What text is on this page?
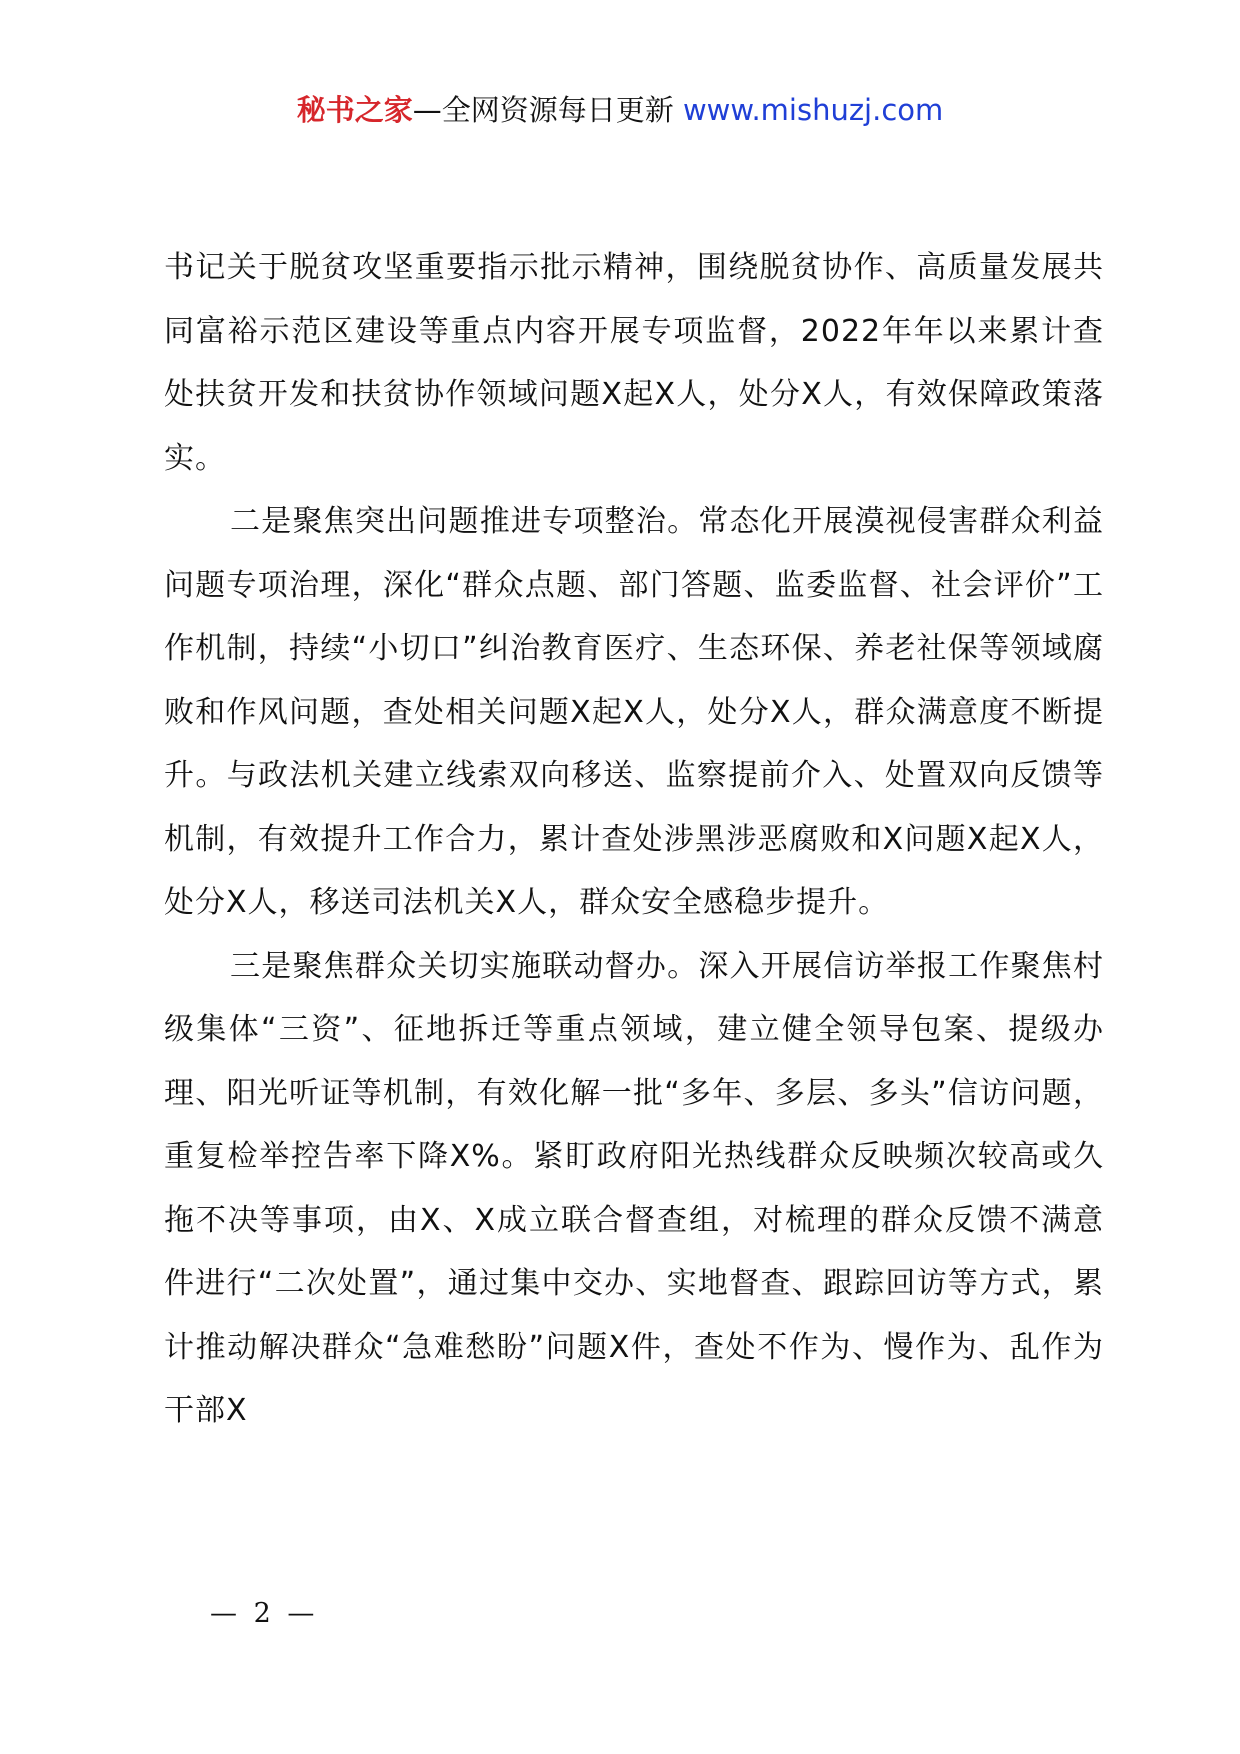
秘书之家—全网资源每日更新 www.mishuzj.com

书记关于脱贫攻坚重要指示批示精神，围绕脱贫协作、高质量发展共同富裕示范区建设等重点内容开展专项监督，2022年年以来累计查处扶贫开发和扶贫协作领域问题X起X人，处分X人，有效保障政策落实。

二是聚焦突出问题推进专项整治。常态化开展漠视侵害群众利益问题专项治理，深化“群众点题、部门答题、监委监督、社会评价”工作机制，持续“小切口”纠治教育医疗、生态环保、养老社保等领域腐败和作风问题，查处相关问题X起X人，处分X人，群众满意度不断提升。与政法机关建立线索双向移送、监察提前介入、处置双向反馈等机制，有效提升工作合力，累计查处涉黑涉恶腐败和X问题X起X人，处分X人，移送司法机关X人，群众安全感稳步提升。

三是聚焦群众关切实施联动督办。深入开展信访举报工作聚焦村级集体“三资”、征地拆迁等重点领域，建立健全领导包案、提级办理、阳光听证等机制，有效化解一批“多年、多层、多头”信访问题，重复检举控告率下降X%。紧盯政府阳光热线群众反映频次较高或久拖不决等事项，由X、X成立联合督查组，对梳理的群众反馈不满意件进行“二次处置”，通过集中交办、实地督查、跟踪回访等方式，累计推动解决群众“急难愁盼”问题X件，查处不作为、慢作为、乱作为干部X

— 2 —
